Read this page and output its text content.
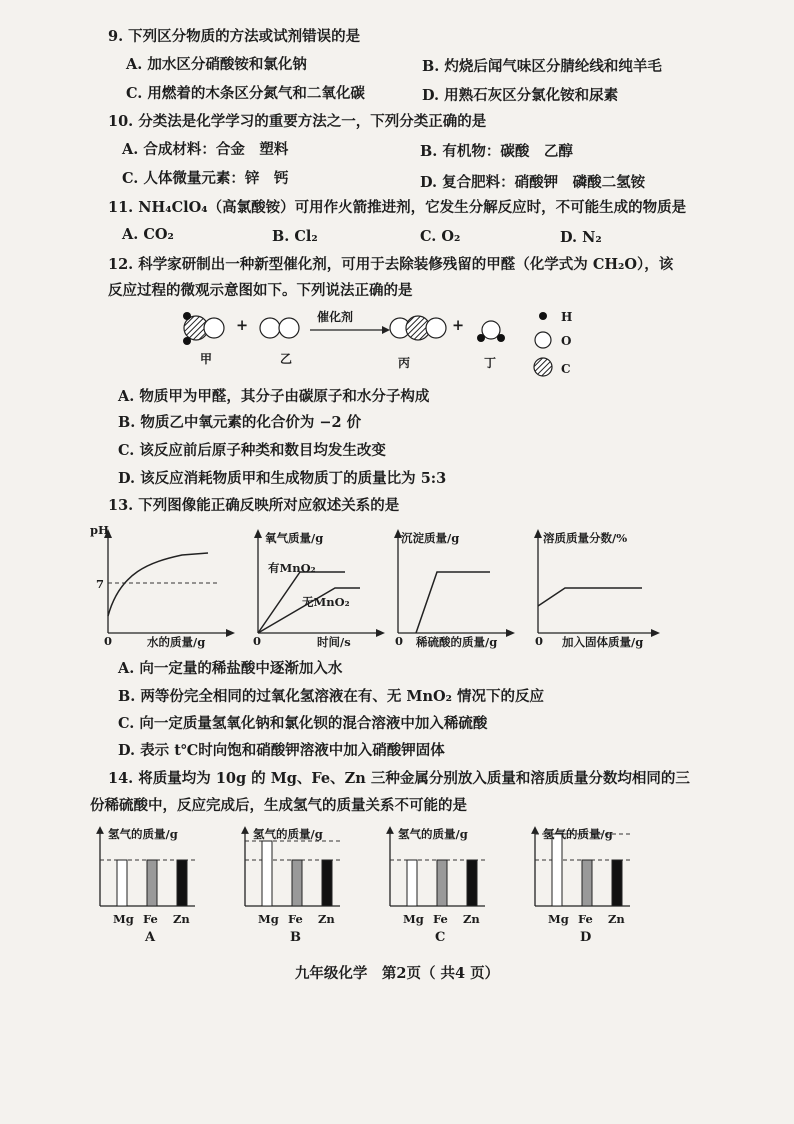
9. 下列区分物质的方法或试剂错误的是
A. 加水区分硝酸铵和氯化钠	B. 灼烧后闻气味区分腈纶线和纯羊毛
C. 用燃着的木条区分氮气和二氧化碳	D. 用熟石灰区分氯化铵和尿素
10. 分类法是化学学习的重要方法之一，下列分类正确的是
A. 合成材料：合金　塑料	B. 有机物：碳酸　乙醇
C. 人体微量元素：锌　钙	D. 复合肥料：硝酸钾　磷酸二氢铵
11. NH₄ClO₄（高氯酸铵）可用作火箭推进剂，它发生分解反应时，不可能生成的物质是
A. CO₂	B. Cl₂	C. O₂	D. N₂
12. 科学家研制出一种新型催化剂，可用于去除装修残留的甲醛（化学式为 CH₂O），该
反应过程的微观示意图如下。下列说法正确的是
+	+
催化剂
甲	乙	丙	丁
H
O
C
A. 物质甲为甲醛，其分子由碳原子和水分子构成
B. 物质乙中氧元素的化合价为 −2 价
C. 该反应前后原子种类和数目均发生改变
D. 该反应消耗物质甲和生成物质丁的质量比为 5:3
13. 下列图像能正确反映所对应叙述关系的是
pH
7
0	水的质量/g
氧气质量/g
有MnO₂
无MnO₂
0	时间/s
沉淀质量/g
0 稀硫酸的质量/g
溶质质量分数/%
0 加入固体质量/g
A. 向一定量的稀盐酸中逐渐加入水
B. 两等份完全相同的过氧化氢溶液在有、无 MnO₂ 情况下的反应
C. 向一定质量氢氧化钠和氯化钡的混合溶液中加入稀硫酸
D. 表示 t℃时向饱和硝酸钾溶液中加入硝酸钾固体
14. 将质量均为 10g 的 Mg、Fe、Zn 三种金属分别放入质量和溶质质量分数均相同的三
份稀硫酸中，反应完成后，生成氢气的质量关系不可能的是
氢气的质量/g
Mg Fe Zn
A
氢气的质量/g
Mg Fe Zn
B
氢气的质量/g
Mg Fe Zn
C
氢气的质量/g
Mg Fe Zn
D
九年级化学　第2页（ 共4 页）
